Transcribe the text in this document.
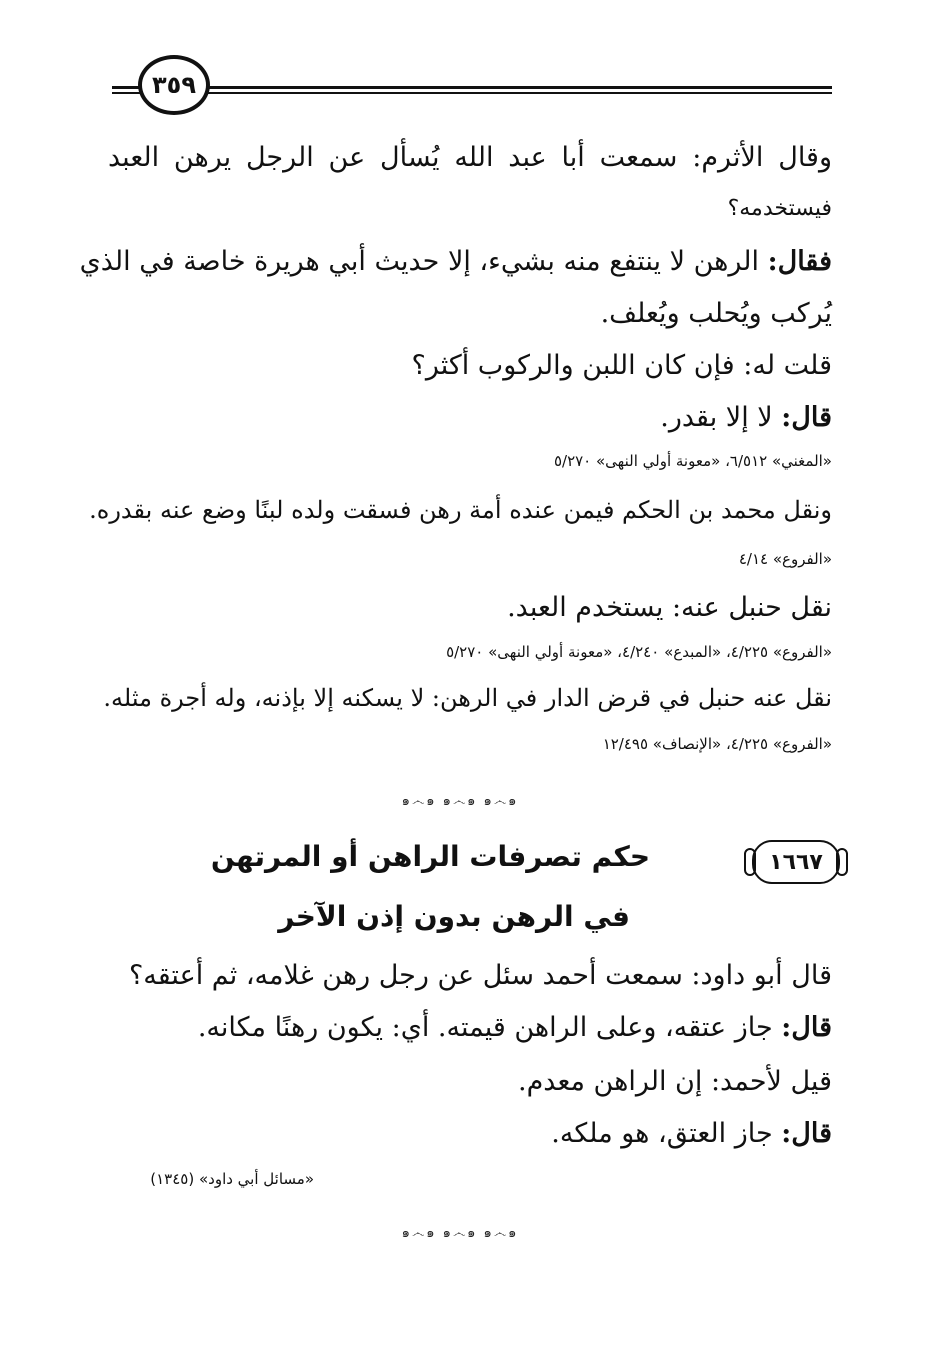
٣٥٩
وقال الأثرم: سمعت أبا عبد الله يُسأل عن الرجل يرهن العبد
فيستخدمه؟
فقال: الرهن لا ينتفع منه بشيء، إلا حديث أبي هريرة خاصة في الذي
يُركب ويُحلب ويُعلف.
قلت له: فإن كان اللبن والركوب أكثر؟
قال: لا إلا بقدر.
«المغني» ٦/٥١٢، «معونة أولي النهى» ٥/٢٧٠
ونقل محمد بن الحكم فيمن عنده أمة رهن فسقت ولده لبنًا وضع عنه بقدره.
«الفروع» ٤/١٤
نقل حنبل عنه: يستخدم العبد.
«الفروع» ٤/٢٢٥، «المبدع» ٤/٢٤٠، «معونة أولي النهى» ٥/٢٧٠
نقل عنه حنبل في قرض الدار في الرهن: لا يسكنه إلا بإذنه، وله أجرة مثله.
«الفروع» ٤/٢٢٥، «الإنصاف» ١٢/٤٩٥
๑෴๑ ๑෴๑ ๑෴๑
١٦٦٧
حكم تصرفات الراهن أو المرتهن
في الرهن بدون إذن الآخر
قال أبو داود: سمعت أحمد سئل عن رجل رهن غلامه، ثم أعتقه؟
قال: جاز عتقه، وعلى الراهن قيمته. أي: يكون رهنًا مكانه.
قيل لأحمد: إن الراهن معدم.
قال: جاز العتق، هو ملكه.
«مسائل أبي داود» (١٣٤٥)
๑෴๑ ๑෴๑ ๑෴๑
